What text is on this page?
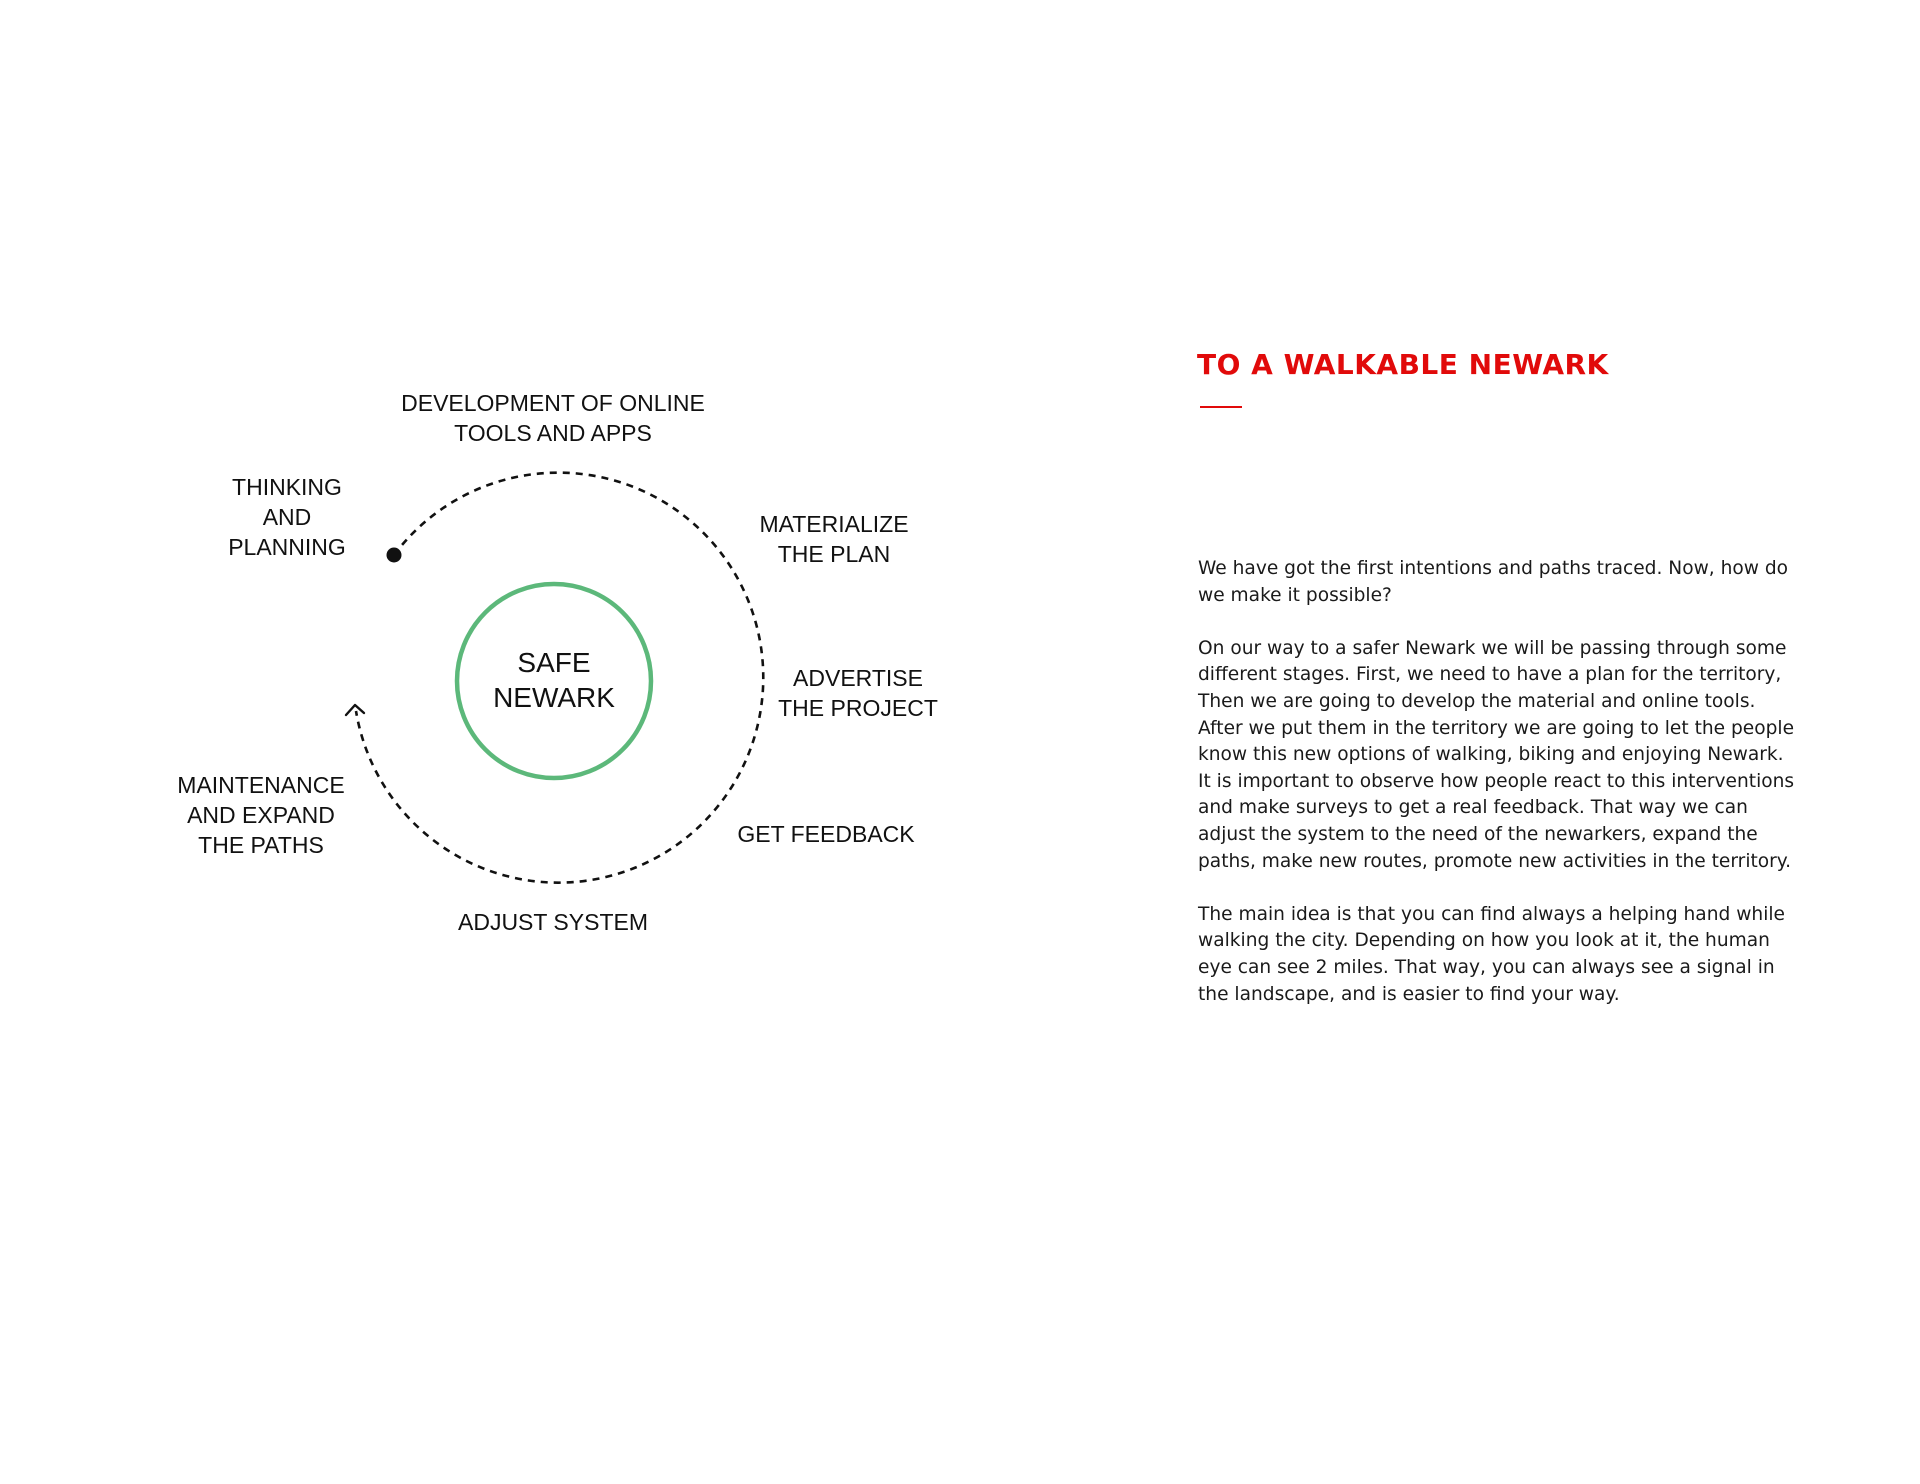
SAFE
NEWARK
THINKING
AND
PLANNING
DEVELOPMENT OF ONLINE
TOOLS AND APPS
MATERIALIZE
THE PLAN
ADVERTISE
THE PROJECT
GET FEEDBACK
ADJUST SYSTEM
MAINTENANCE
AND EXPAND
THE PATHS
TO A WALKABLE NEWARK

We have got the first intentions and paths traced. Now, how do we make it possible?

On our way to a safer Newark we will be passing through some different stages. First, we need to have a plan for the territory, Then we are going to develop the material and online tools. After we put them in the territory we are going to let the people know this new options of walking, biking and enjoying Newark.

It is important to observe how people react to this interventions and make surveys to get a real feedback. That way we can adjust the system to the need of the newarkers, expand the paths, make new routes, promote new activities in the territory.

The main idea is that you can find always a helping hand while walking the city. Depending on how you look at it, the human eye can see 2 miles. That way, you can always see a signal in the landscape, and is easier to find your way.
